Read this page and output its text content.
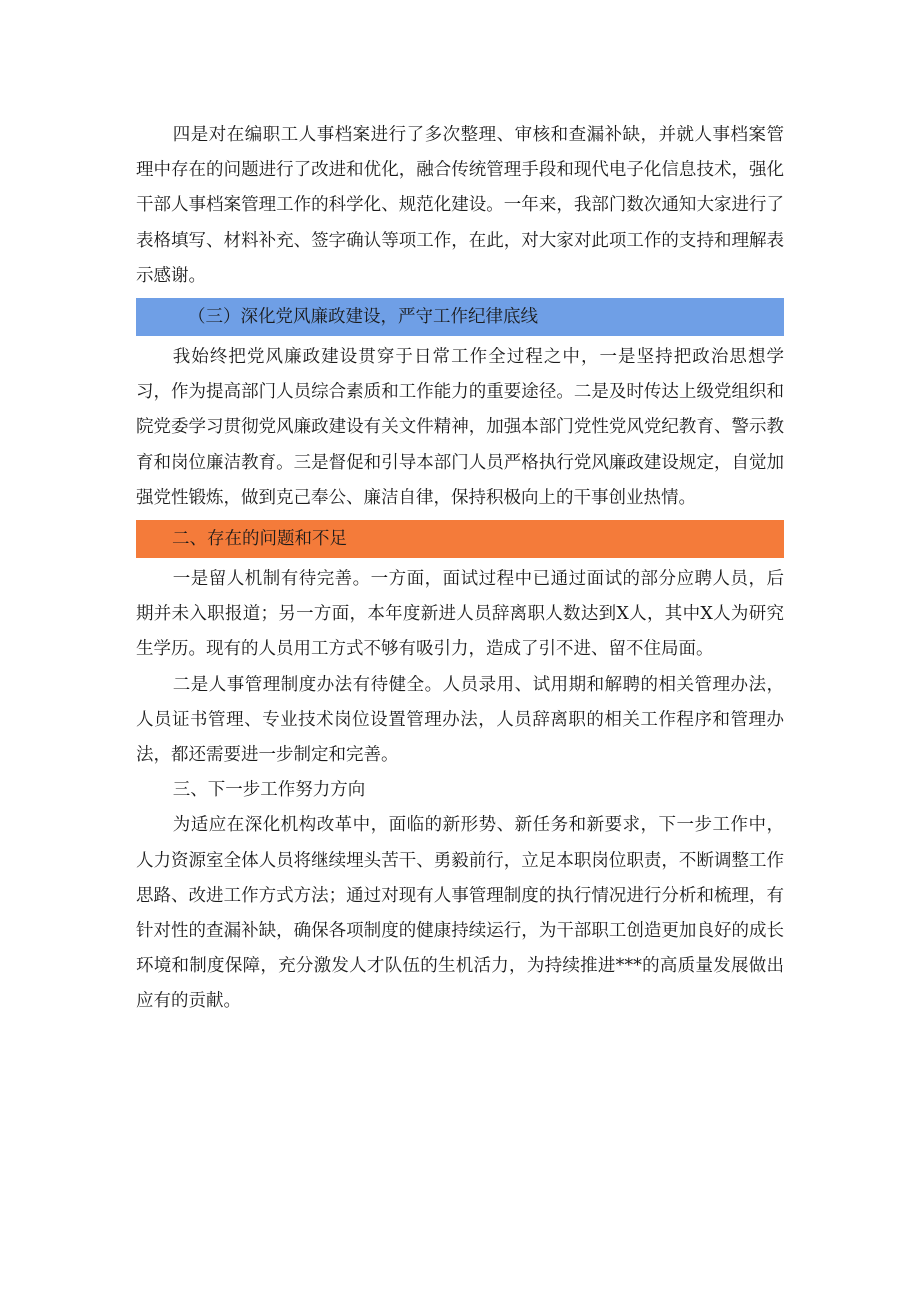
四是对在编职工人事档案进行了多次整理、审核和查漏补缺，并就人事档案管理中存在的问题进行了改进和优化，融合传统管理手段和现代电子化信息技术，强化干部人事档案管理工作的科学化、规范化建设。一年来，我部门数次通知大家进行了表格填写、材料补充、签字确认等项工作，在此，对大家对此项工作的支持和理解表示感谢。

（三）深化党风廉政建设，严守工作纪律底线

我始终把党风廉政建设贯穿于日常工作全过程之中，一是坚持把政治思想学习，作为提高部门人员综合素质和工作能力的重要途径。二是及时传达上级党组织和院党委学习贯彻党风廉政建设有关文件精神，加强本部门党性党风党纪教育、警示教育和岗位廉洁教育。三是督促和引导本部门人员严格执行党风廉政建设规定，自觉加强党性锻炼，做到克己奉公、廉洁自律，保持积极向上的干事创业热情。

二、存在的问题和不足

一是留人机制有待完善。一方面，面试过程中已通过面试的部分应聘人员，后期并未入职报道；另一方面，本年度新进人员辞离职人数达到X人，其中X人为研究生学历。现有的人员用工方式不够有吸引力，造成了引不进、留不住局面。

二是人事管理制度办法有待健全。人员录用、试用期和解聘的相关管理办法，人员证书管理、专业技术岗位设置管理办法，人员辞离职的相关工作程序和管理办法，都还需要进一步制定和完善。

三、下一步工作努力方向

为适应在深化机构改革中，面临的新形势、新任务和新要求，下一步工作中，人力资源室全体人员将继续埋头苦干、勇毅前行，立足本职岗位职责，不断调整工作思路、改进工作方式方法；通过对现有人事管理制度的执行情况进行分析和梳理，有针对性的查漏补缺，确保各项制度的健康持续运行，为干部职工创造更加良好的成长环境和制度保障，充分激发人才队伍的生机活力，为持续推进***的高质量发展做出应有的贡献。
